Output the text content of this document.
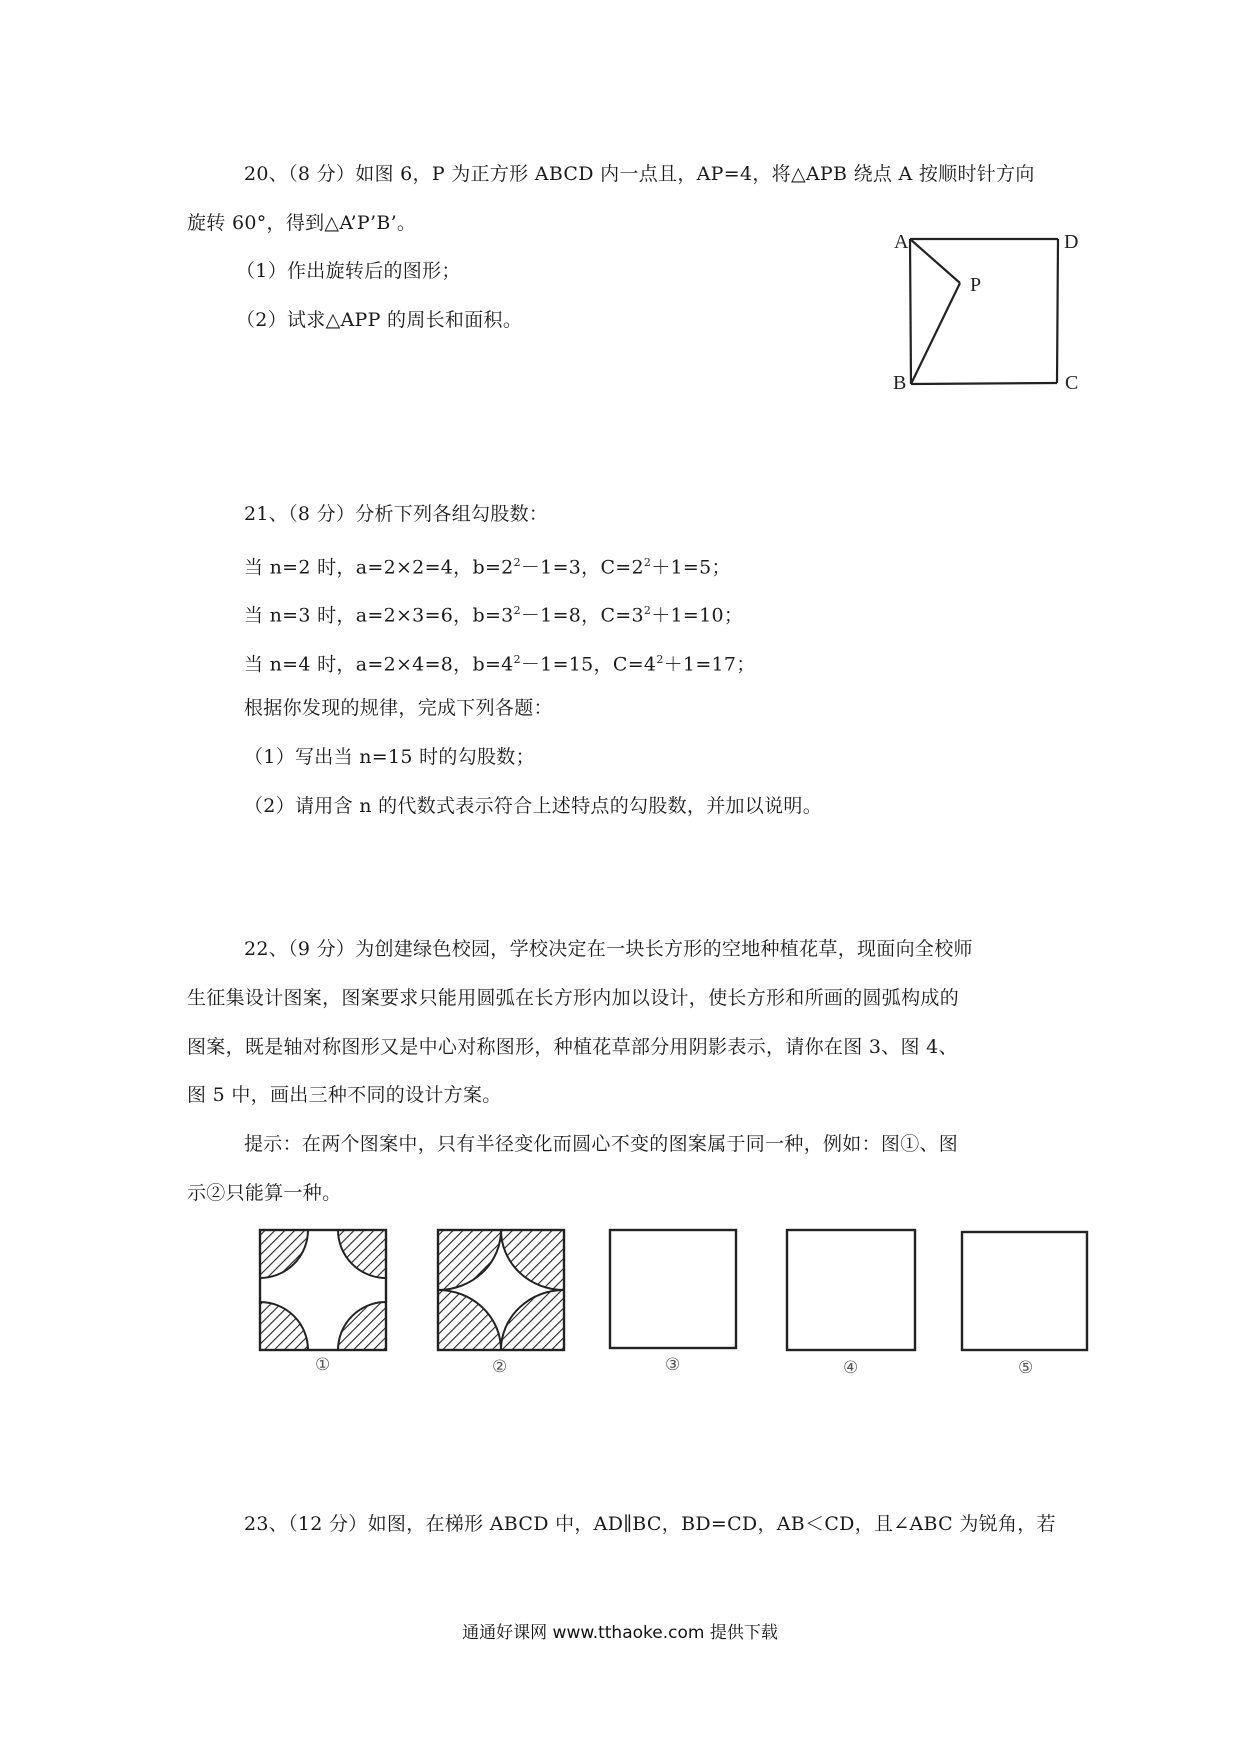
20、（8 分）如图 6，P 为正方形 ABCD 内一点且，AP=4，将△APB 绕点 A 按顺时针方向
旋转 60°，得到△A’P’B’。
（1）作出旋转后的图形；
（2）试求△APP 的周长和面积。
A	D
P
B	C
21、（8 分）分析下列各组勾股数：
当 n=2 时，a=2×2=4，$b=2^2-1=3$，$C=2^2+1=5$；
当 n=3 时，a=2×3=6，$b=3^2-1=8$，$C=3^2+1=10$；
当 n=4 时，a=2×4=8，$b=4^2-1=15$，$C=4^2+1=17$；
根据你发现的规律，完成下列各题：
（1）写出当 n=15 时的勾股数；
（2）请用含 n 的代数式表示符合上述特点的勾股数，并加以说明。
22、（9 分）为创建绿色校园，学校决定在一块长方形的空地种植花草，现面向全校师
生征集设计图案，图案要求只能用圆弧在长方形内加以设计，使长方形和所画的圆弧构成的
图案，既是轴对称图形又是中心对称图形，种植花草部分用阴影表示，请你在图 3、图 4、
图 5 中，画出三种不同的设计方案。
提示：在两个图案中，只有半径变化而圆心不变的图案属于同一种，例如：图①、图
示②只能算一种。
①	②	③	④	⑤
23、（12 分）如图，在梯形 ABCD 中，AD∥BC，BD=CD，AB＜CD，且∠ABC 为锐角，若
通通好课网 www.tthaoke.com 提供下载
